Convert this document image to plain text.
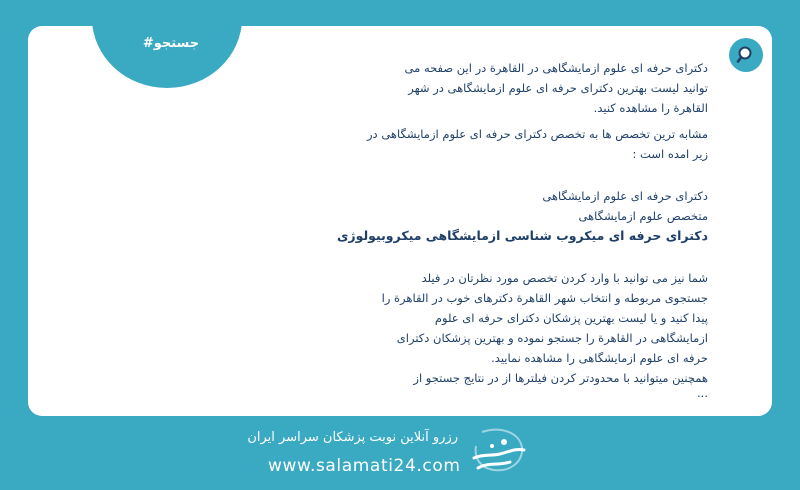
#جستجو

دکترای حرفه ای علوم ازمایشگاهی در القاهرة در این صفحه می

توانید لیست بهترین دکترای حرفه ای علوم ازمایشگاهی در شهر

القاهرة را مشاهده کنید.

مشابه ترین تخصص ها به تخصص دکترای حرفه ای علوم ازمایشگاهی در

زیر امده است :

دکترای حرفه ای علوم ازمایشگاهی

متخصص علوم ازمایشگاهی

دکترای حرفه ای میکروب شناسی ازمایشگاهی میکروبیولوژی

شما نیز می توانید با وارد کردن تخصص مورد نظرتان در فیلد

جستجوی مربوطه و انتخاب شهر القاهرة دکترهای خوب در القاهرة را

پیدا کنید و یا لیست بهترین پزشکان دکترای حرفه ای علوم

ازمایشگاهی در القاهرة را جستجو نموده و بهترین پزشکان دکترای

حرفه ای علوم ازمایشگاهی را مشاهده نمایید.

همچنین میتوانید با محدودتر کردن فیلترها از در نتایج جستجو از

...

رزرو آنلاین نوبت پزشکان سراسر ایران
www.salamati24.com
